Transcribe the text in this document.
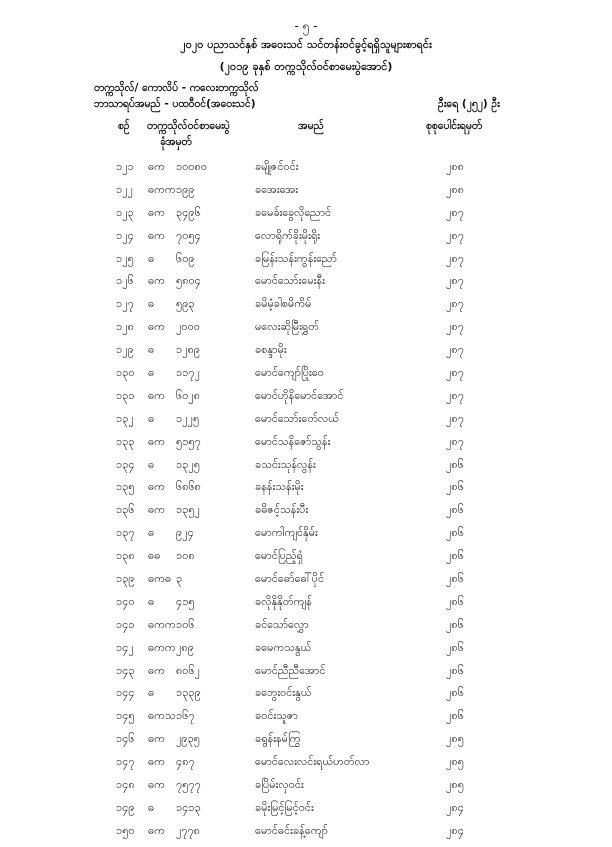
- ၅ -
၂၀၂၀ ပညာသင်နှစ် အဝေးသင် သင်တန်းဝင်ခွင့်ရရှိသူများစာရင်း
(၂၀၁၉ ခုနှစ် တက္ကသိုလ်ဝင်စာမေးပွဲအောင်)
တက္ကသိုလ်/ ကောလိပ် - ကလေးတက္ကသိုလ်
ဘာသာရပ်အမည် - ပထဝီဝင်(အဝေးသင်)	ဦးရေ (၂၅၂) ဦး
စဉ် တက္ကသိုလ်ဝင်စာမေးပွဲ
ခုံအမှတ်
အမည်	စုစုပေါင်းရမှတ်
၁၂၁ ဓက ၁၀၀၈၀	ခမျိုဇင်ဝင်း	၂၈၈
၁၂၂ ဓကက ၁၉၉	ခအေးအေး	၂၈၈
၁၂၃ ဓက ၃၄၉၆	ခမေခ်းခွေလိုညောင်	၂၈၇
၁၂၄ ဓက ၇၀၅၄	လောရိုက်ခိုးမိုးရိုး	၂၈၇
၁၂၅ ဓ ၆၀၉	ခမြန်းသန်းကွန်းညော်	၂၈၇
၁၂၆ ဓက ၅၈၀၄	မောင်သော်းမေးနီး	၂၈၇
၁၂၇ ဓ ၅၉၃	ခမိမံ့ခါစမိကိမ်	၂၈၇
၁၂၈ ဓက ၂၀၀၀	မလေးဆိုမြီးရွှတ်	၂၈၇
၁၂၉ ဓ ၁၂၈၉	ခစန္ဒာမိုး	၂၈၇
၁၃၀ ဓ ၁၁၇၂	မောင်ကျော်ပြိုးဝေ	၂၈၇
၁၃၁ ဓက ၆၀၂၈	မောင်ဟိုနိမောင်အောင်	၂၈၇
၁၃၂ ဓ ၁၂၂၅	မောင်သော်းဝော်လယ်	၂၈၇
၁၃၃ ဓက ၅၁၅၇	မောင်သနိဇော်သွန်း	၂၈၇
၁၃၄ ဓ ၁၃၂၅	ခသင်းသုန်လွန်း	၂၈၆
၁၃၅ ဓက ၆၈၆၈	ခနန်းသန်းမိုး	၂၈၆
၁၃၆ ဓက ၁၃၅၂	ခဓိဇင့်သန်းပီး	၂၈၆
၁၃၇ ဓ ၉၂၄	မောကါကျင်နိုမ်း	၂၈၆
၁၃၈ ဓဓ ၁၀၈	မောင်ပြည့်ရှံ	၂၈၆
၁၃၉ ဓကဓ ၃	မောင်ဓော်ဓေါ်ပိုင်	၂၈၆
၁၄၀ ဓ ၄၁၅	ခလိုနိုနိုတ်ကျန်	၂၈၆
၁၄၁ ဓကက ၁၀၆	ခင်သော်လွှော	၂၈၆
၁၄၂ ဓကက ၂၈၉	ခမေကသနွယ်	၂၈၆
၁၄၃ ဓက ၈၀၆၂	မောင်ညီညီအောင်	၂၈၆
၁၄၄ ဓ ၁၃၃၉	ခဘွေးဝင်းနွယ်	၂၈၆
၁၄၅ ဓကသ ၁၆၇	ခဝင်းသူဇာ	၂၈၆
၁၄၆ ဓက ၂၉၃၅	ခရွန်းနမ်ကြွ	၂၈၅
၁၄၇ ဓက ၄၈၇	မောင်လေးလင်းရယ်ဟတ်လာ	၂၈၅
၁၄၈ ဓက ၇၅၇၇	ခပြိမ်းလှဝင်း	၂၈၅
၁၄၉ ဓ ၁၄၁၃	ခမိုးမြင့်မြင့်ဝင်း	၂၈၄
၁၅၀ ဓက ၂၇၇၈	မောင်ဓင်းခန့်ကျော်	၂၈၄
